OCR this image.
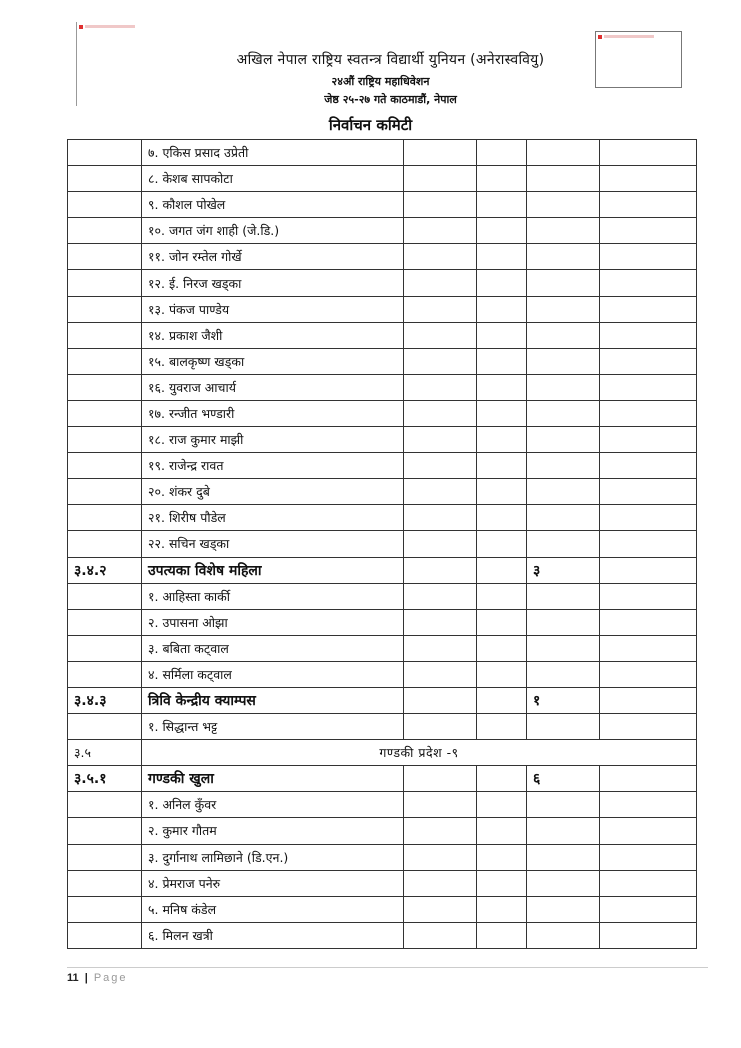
अखिल नेपाल राष्ट्रिय स्वतन्त्र विद्यार्थी युनियन (अनेरास्ववियु)
२४औं राष्ट्रिय महाधिवेशन
जेष्ठ २५-२७ गते काठमाडौं, नेपाल
निर्वाचन कमिटी
	७. एकिस प्रसाद उप्रेती				
	८. केशब सापकोटा				
	९. कौशल पोखेल				
	१०. जगत जंग शाही (जे.डि.)				
	११. जोन रम्तेल गोर्खे				
	१२. ई. निरज खड्का				
	१३. पंकज पाण्डेय				
	१४. प्रकाश जैशी				
	१५. बालकृष्ण खड्का				
	१६. युवराज आचार्य				
	१७. रन्जीत भण्डारी				
	१८. राज कुमार माझी				
	१९. राजेन्द्र रावत				
	२०. शंकर दुबे				
	२१. शिरीष पौडेल				
	२२. सचिन खड्का				
३.४.२	उपत्यका विशेष महिला			३	
	१. आहिस्ता कार्की				
	२. उपासना ओझा				
	३. बबिता कट्वाल				
	४. सर्मिला कट्वाल				
३.४.३	त्रिवि केन्द्रीय क्याम्पस			१	
	१. सिद्धान्त भट्ट				
३.५	गण्डकी प्रदेश -९				
३.५.१	गण्डकी खुला			६	
	१. अनिल कुँवर				
	२. कुमार गौतम				
	३. दुर्गानाथ लामिछाने (डि.एन.)				
	४. प्रेमराज पनेरु				
	५. मनिष कंडेल				
	६. मिलन खत्री				
11 | Page
